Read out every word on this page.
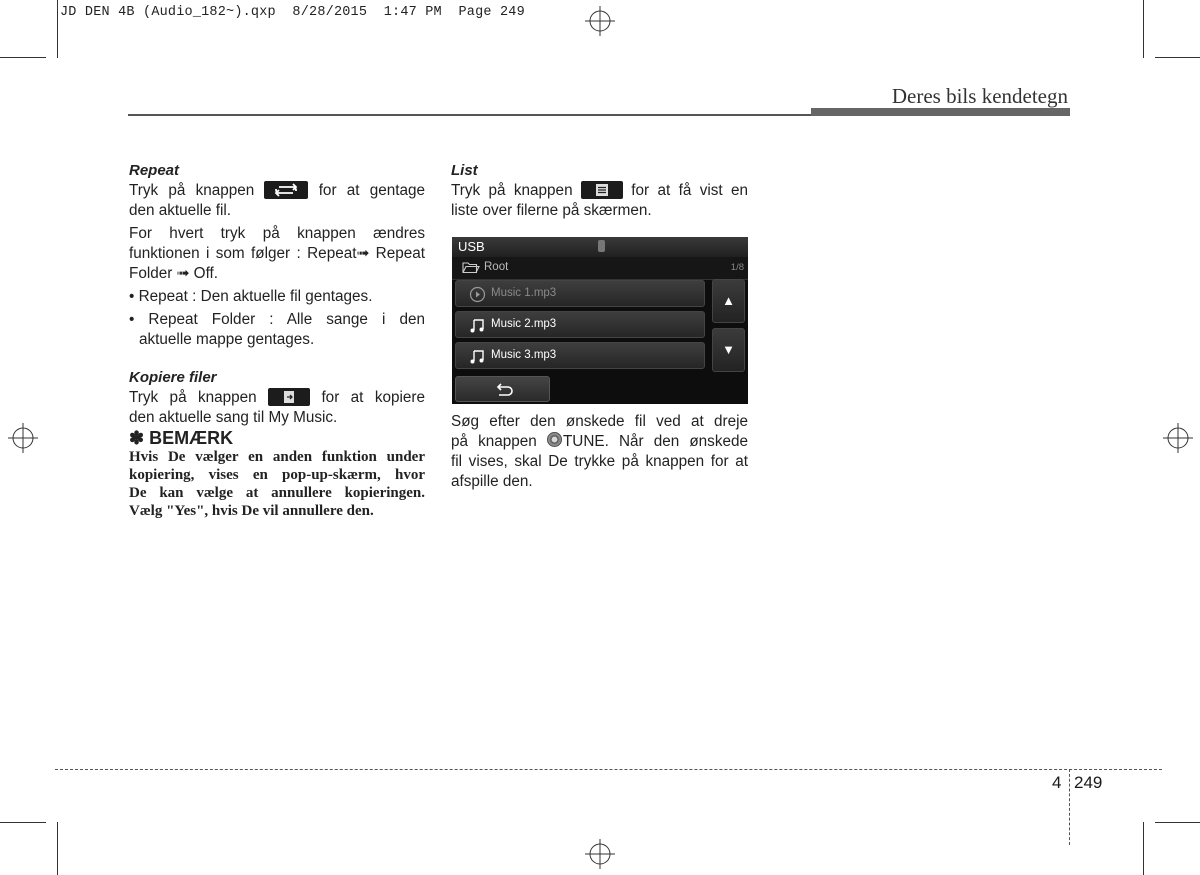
JD DEN 4B (Audio_182~).qxp  8/28/2015  1:47 PM  Page 249
Deres bils kendetegn

Repeat

Tryk på knappen	for at gentage

den aktuelle fil.

For hvert tryk på knappen ændres

funktionen i som følger : Repeat➟ Repeat

Folder ➟ Off.

• Repeat : Den aktuelle fil gentages.

• Repeat Folder : Alle sange i den

aktuelle mappe gentages.

Kopiere filer

Tryk på knappen	for at kopiere

den aktuelle sang til My Music.

✽ BEMÆRK

Hvis De vælger en anden funktion under

kopiering, vises en pop-up-skærm, hvor

De kan vælge at annullere kopieringen.

Vælg "Yes", hvis De vil annullere den.

List

Tryk på knappen	for at få vist en

liste over filerne på skærmen.

USB
Root	1/8
Music 1.mp3
Music 2.mp3
Music 3.mp3
▲
▼

Søg efter den ønskede fil ved at dreje

på knappen TUNE. Når den ønskede

fil vises, skal De trykke på knappen for at

afspille den.

4 249
